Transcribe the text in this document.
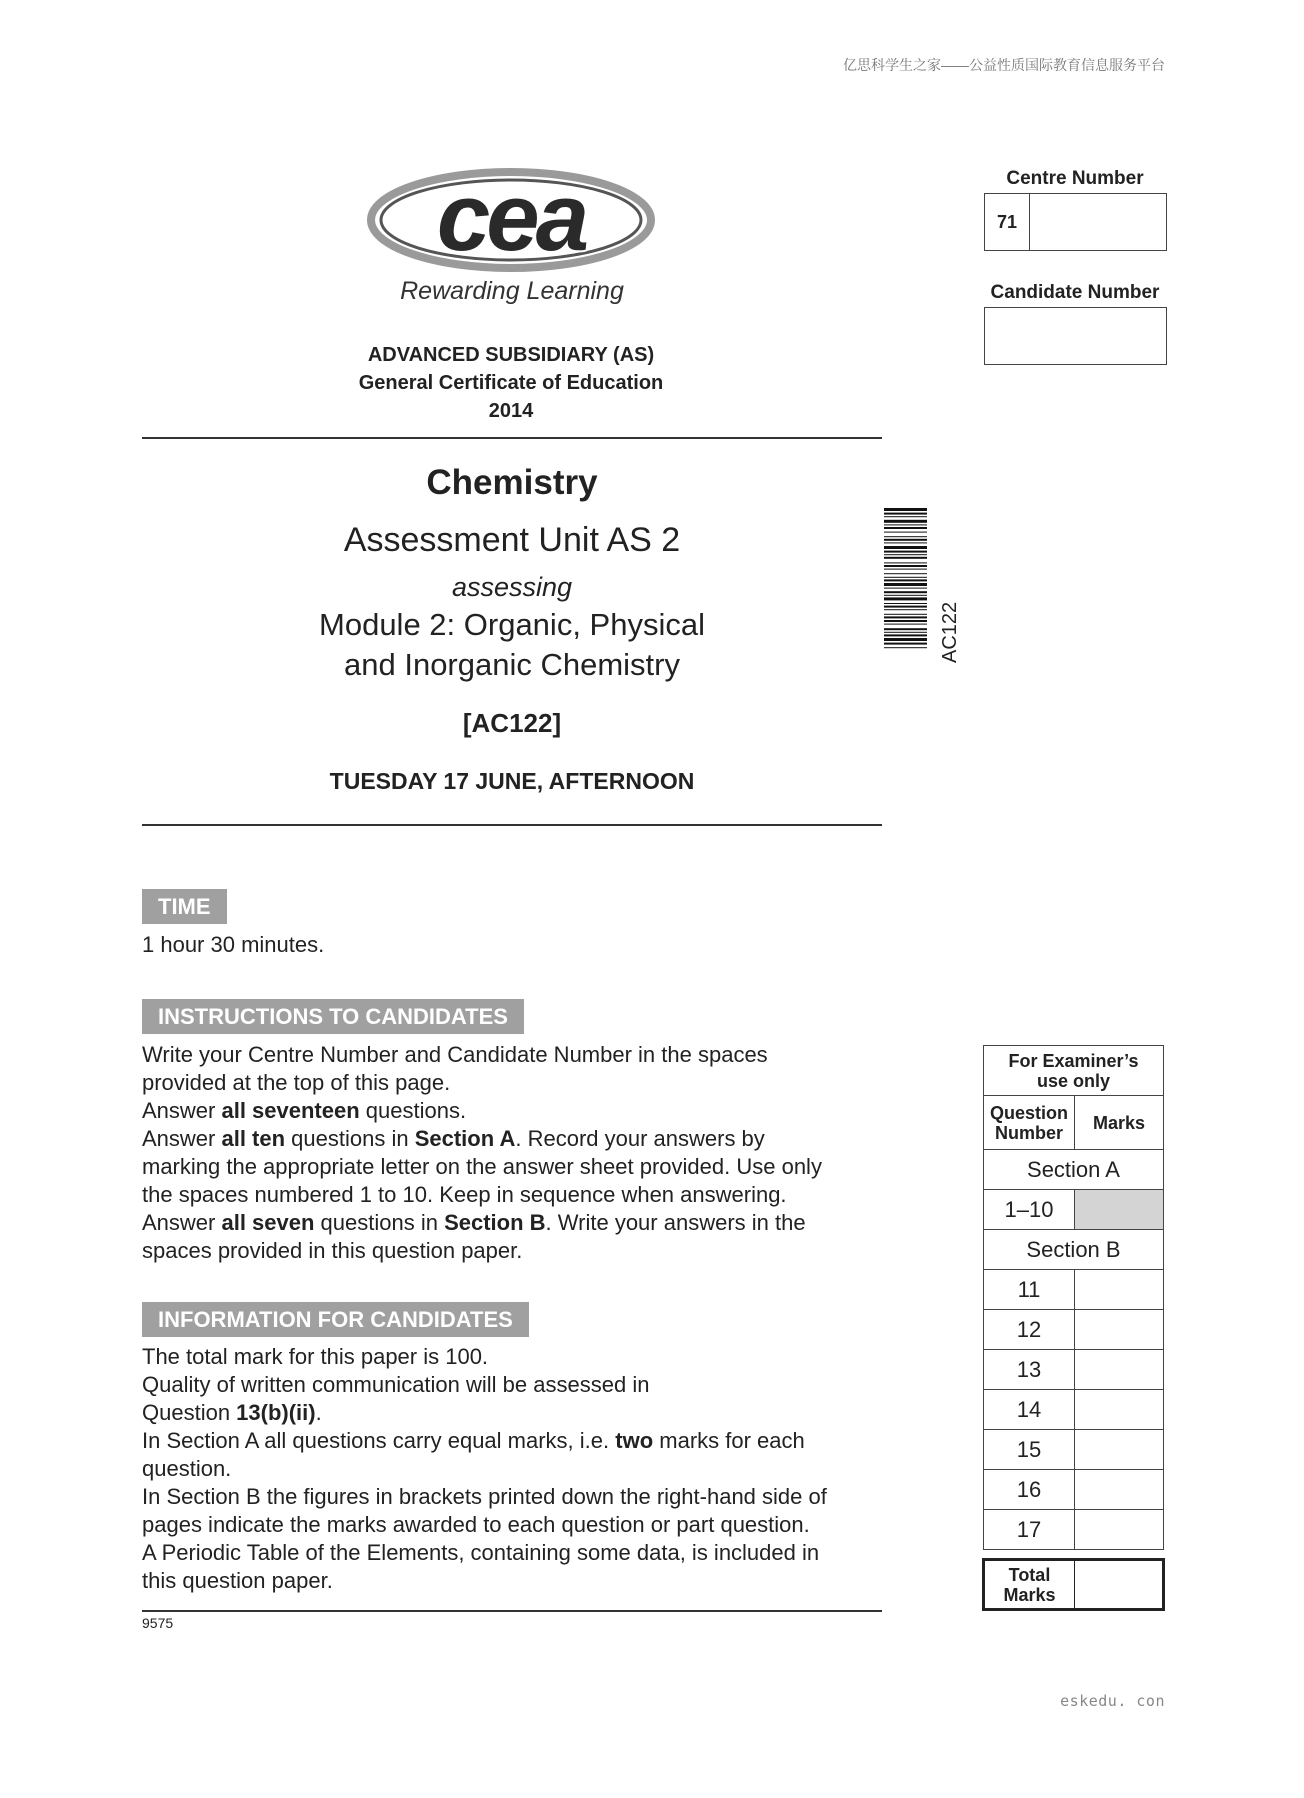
亿思科学生之家——公益性质国际教育信息服务平台
eskedu. con
cea
Rewarding Learning
ADVANCED SUBSIDIARY (AS)
General Certificate of Education
2014
Chemistry
Assessment Unit AS 2
assessing
Module 2: Organic, Physical
and Inorganic Chemistry
[AC122]
TUESDAY 17 JUNE, AFTERNOON
AC122
Centre Number
71
Candidate Number
TIME
1 hour 30 minutes.
INSTRUCTIONS TO CANDIDATES
Write your Centre Number and Candidate Number in the spaces
provided at the top of this page.
Answer all seventeen questions.
Answer all ten questions in Section A. Record your answers by
marking the appropriate letter on the answer sheet provided. Use only
the spaces numbered 1 to 10. Keep in sequence when answering.
Answer all seven questions in Section B. Write your answers in the
spaces provided in this question paper.
INFORMATION FOR CANDIDATES
The total mark for this paper is 100.
Quality of written communication will be assessed in
Question 13(b)(ii).
In Section A all questions carry equal marks, i.e. two marks for each
question.
In Section B the figures in brackets printed down the right-hand side of
pages indicate the marks awarded to each question or part question.
A Periodic Table of the Elements, containing some data, is included in
this question paper.
9575
For Examiner’s
use only	

Question
Number	Marks
Section A	
1–10	
Section B	
11	
12	
13	
14	
15	
16	
17	

Total
Marks	
